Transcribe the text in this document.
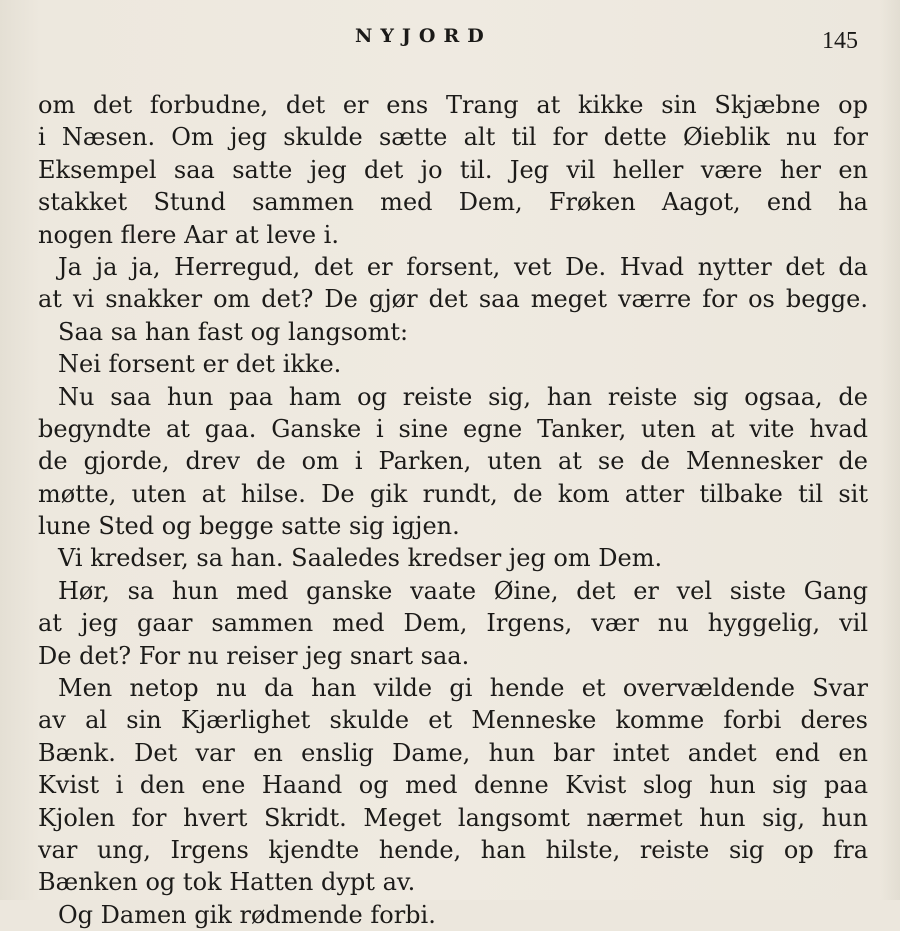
NYJORD	145
om det forbudne, det er ens Trang at kikke sin Skjæbne op
i Næsen. Om jeg skulde sætte alt til for dette Øieblik nu for
Eksempel saa satte jeg det jo til. Jeg vil heller være her en
stakket Stund sammen med Dem, Frøken Aagot, end ha
nogen flere Aar at leve i.
Ja ja ja, Herregud, det er forsent, vet De. Hvad nytter det da
at vi snakker om det? De gjør det saa meget værre for os begge.
Saa sa han fast og langsomt:
Nei forsent er det ikke.
Nu saa hun paa ham og reiste sig, han reiste sig ogsaa, de
begyndte at gaa. Ganske i sine egne Tanker, uten at vite hvad
de gjorde, drev de om i Parken, uten at se de Mennesker de
møtte, uten at hilse. De gik rundt, de kom atter tilbake til sit
lune Sted og begge satte sig igjen.
Vi kredser, sa han. Saaledes kredser jeg om Dem.
Hør, sa hun med ganske vaate Øine, det er vel siste Gang
at jeg gaar sammen med Dem, Irgens, vær nu hyggelig, vil
De det? For nu reiser jeg snart saa.
Men netop nu da han vilde gi hende et overvældende Svar
av al sin Kjærlighet skulde et Menneske komme forbi deres
Bænk. Det var en enslig Dame, hun bar intet andet end en
Kvist i den ene Haand og med denne Kvist slog hun sig paa
Kjolen for hvert Skridt. Meget langsomt nærmet hun sig, hun
var ung, Irgens kjendte hende, han hilste, reiste sig op fra
Bænken og tok Hatten dypt av.
Og Damen gik rødmende forbi.
